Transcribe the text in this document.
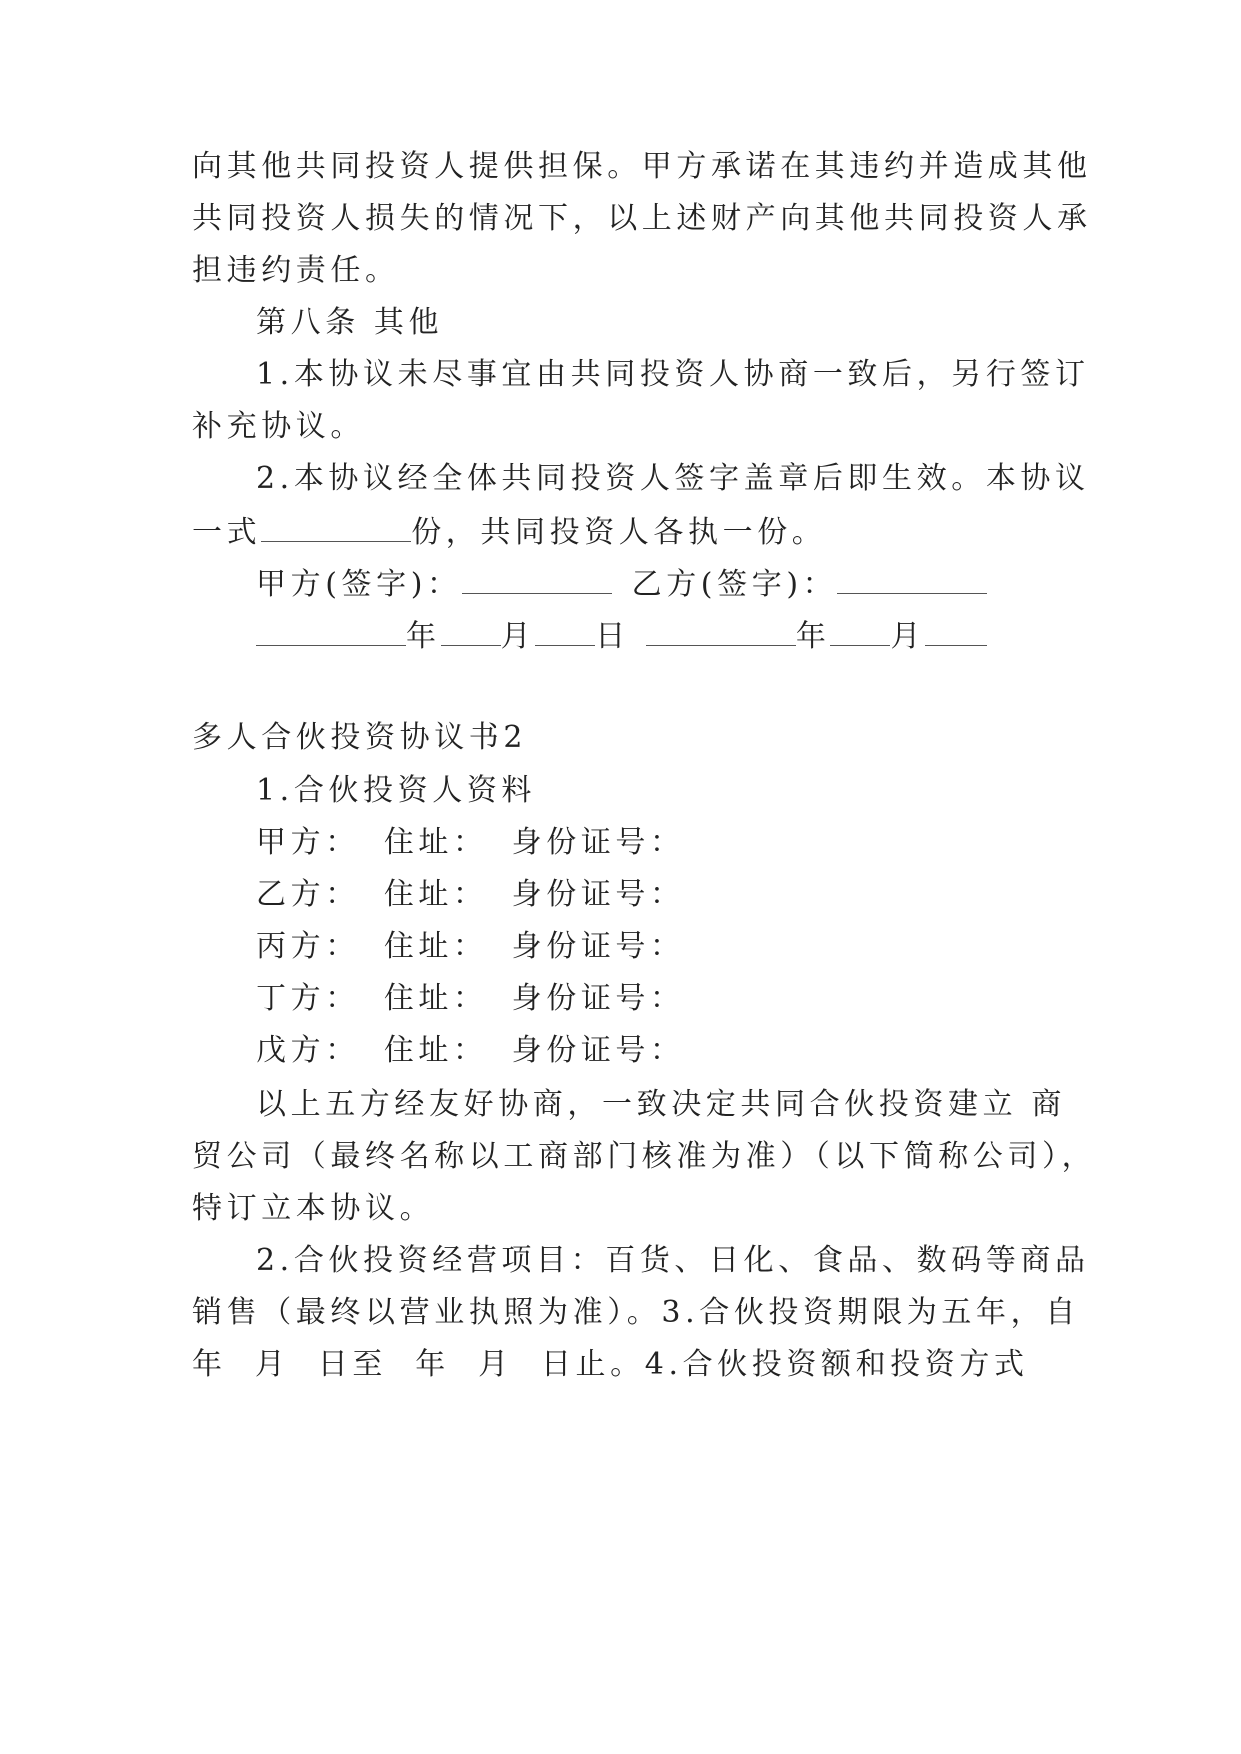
向其他共同投资人提供担保。甲方承诺在其违约并造成其他
共同投资人损失的情况下，以上述财产向其他共同投资人承
担违约责任。
第八条 其他
1.本协议未尽事宜由共同投资人协商一致后，另行签订
补充协议。
2.本协议经全体共同投资人签字盖章后即生效。本协议
一式	份，共同投资人各执一份。
甲方(签字)：	乙方(签字)：
年 月 日	年 月
多人合伙投资协议书2
1.合伙投资人资料
甲方： 住址： 身份证号：
乙方： 住址： 身份证号：
丙方： 住址： 身份证号：
丁方： 住址： 身份证号：
戊方： 住址： 身份证号：
以上五方经友好协商，一致决定共同合伙投资建立 商
贸公司（最终名称以工商部门核准为准）（以下简称公司），
特订立本协议。
2.合伙投资经营项目：百货、日化、食品、数码等商品
销售（最终以营业执照为准）。3.合伙投资期限为五年，自
年  月  日至  年  月  日止。4.合伙投资额和投资方式
